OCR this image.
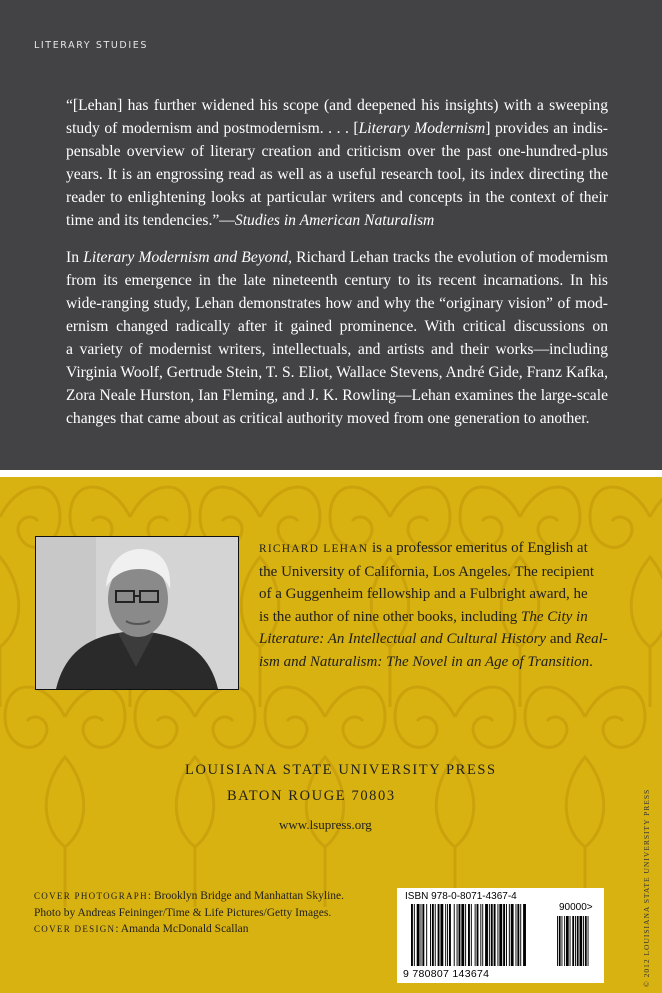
LITERARY STUDIES
“[Lehan] has further widened his scope (and deepened his insights) with a sweeping
study of modernism and postmodernism. . . . [Literary Modernism] provides an indis-
pensable overview of literary creation and criticism over the past one-hundred-plus
years. It is an engrossing read as well as a useful research tool, its index directing the
reader to enlightening looks at particular writers and concepts in the context of their
time and its tendencies.”—Studies in American Naturalism
In Literary Modernism and Beyond, Richard Lehan tracks the evolution of modernism
from its emergence in the late nineteenth century to its recent incarnations. In his
wide-ranging study, Lehan demonstrates how and why the “originary vision” of mod-
ernism changed radically after it gained prominence. With critical discussions on
a variety of modernist writers, intellectuals, and artists and their works—including
Virginia Woolf, Gertrude Stein, T. S. Eliot, Wallace Stevens, André Gide, Franz Kafka,
Zora Neale Hurston, Ian Fleming, and J. K. Rowling—Lehan examines the large-scale
changes that came about as critical authority moved from one generation to another.
RICHARD LEHAN is a professor emeritus of English at
the University of California, Los Angeles. The recipient
of a Guggenheim fellowship and a Fulbright award, he
is the author of nine other books, including The City in
Literature: An Intellectual and Cultural History and Real-
ism and Naturalism: The Novel in an Age of Transition.
LOUISIANA STATE UNIVERSITY PRESS
BATON ROUGE 70803
www.lsupress.org
COVER PHOTOGRAPH: Brooklyn Bridge and Manhattan Skyline.
Photo by Andreas Feininger/Time & Life Pictures/Getty Images.
COVER DESIGN: Amanda McDonald Scallan
ISBN 978-0-8071-4367-4
90000>
9 780807 143674	© 2012 LOUISIANA STATE UNIVERSITY PRESS
